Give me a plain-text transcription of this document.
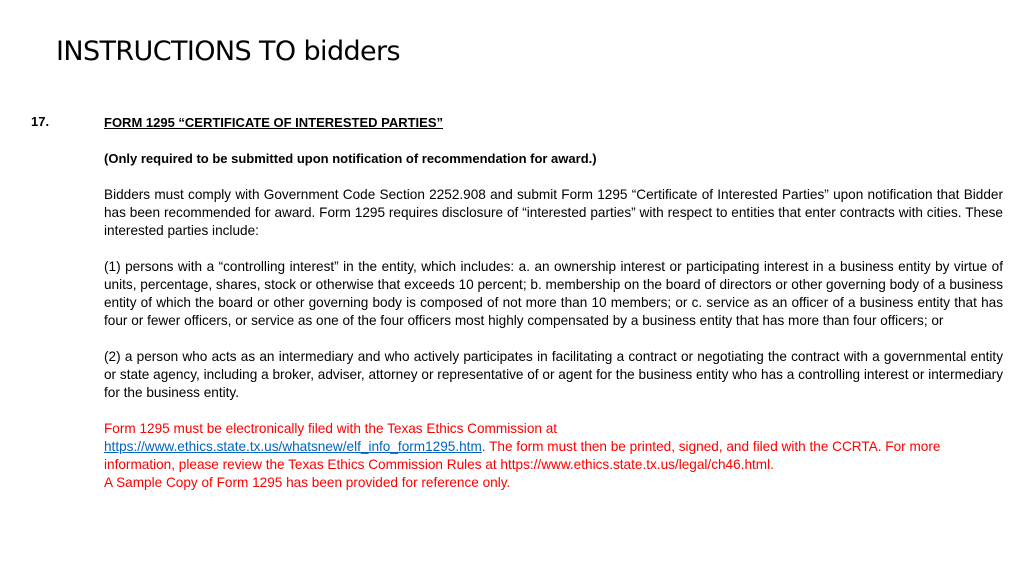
INSTRUCTIONS TO bidders
17.	FORM 1295 “CERTIFICATE OF INTERESTED PARTIES”

(Only required to be submitted upon notification of recommendation for award.)

Bidders must comply with Government Code Section 2252.908 and submit Form 1295 “Certificate of Interested Parties” upon notification that Bidder has been recommended for award. Form 1295 requires disclosure of “interested parties” with respect to entities that enter contracts with cities. These interested parties include:

(1) persons with a “controlling interest” in the entity, which includes: a. an ownership interest or participating interest in a business entity by virtue of units, percentage, shares, stock or otherwise that exceeds 10 percent; b. membership on the board of directors or other governing body of a business entity of which the board or other governing body is composed of not more than 10 members; or c. service as an officer of a business entity that has four or fewer officers, or service as one of the four officers most highly compensated by a business entity that has more than four officers; or

(2) a person who acts as an intermediary and who actively participates in facilitating a contract or negotiating the contract with a governmental entity or state agency, including a broker, adviser, attorney or representative of or agent for the business entity who has a controlling interest or intermediary for the business entity.

Form 1295 must be electronically filed with the Texas Ethics Commission at
https://www.ethics.state.tx.us/whatsnew/elf_info_form1295.htm. The form must then be printed, signed, and filed with the CCRTA. For more information, please review the Texas Ethics Commission Rules at https://www.ethics.state.tx.us/legal/ch46.html.
A Sample Copy of Form 1295 has been provided for reference only.
